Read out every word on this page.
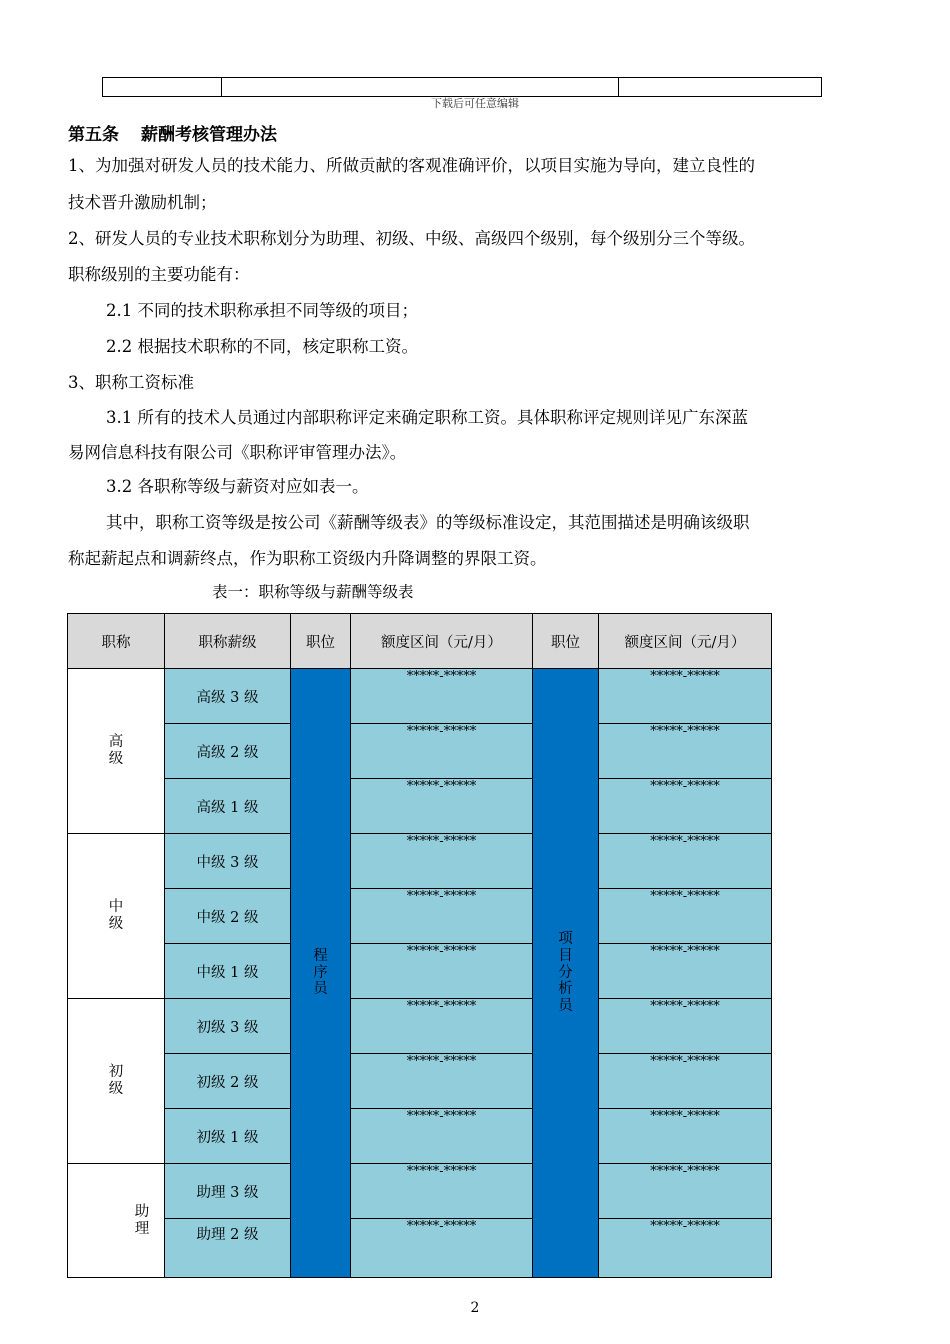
下载后可任意编辑
第五条 薪酬考核管理办法
1、为加强对研发人员的技术能力、所做贡献的客观准确评价，以项目实施为导向，建立良性的
技术晋升激励机制；
2、研发人员的专业技术职称划分为助理、初级、中级、高级四个级别，每个级别分三个等级。
职称级别的主要功能有：
2.1 不同的技术职称承担不同等级的项目；
2.2 根据技术职称的不同，核定职称工资。
3、职称工资标准
3.1 所有的技术人员通过内部职称评定来确定职称工资。具体职称评定规则详见广东深蓝
易网信息科技有限公司《职称评审管理办法》。
3.2 各职称等级与薪资对应如表一。
其中，职称工资等级是按公司《薪酬等级表》的等级标准设定，其范围描述是明确该级职
称起薪起点和调薪终点，作为职称工资级内升降调整的界限工资。
表一：职称等级与薪酬等级表
职称	职称薪级	职位	额度区间（元/月）	职位	额度区间（元/月）
高级	高级 3 级	程序员	*****-*****	项目分析员	*****-*****
	高级 2 级		*****-*****		*****-*****
	高级 1 级		*****-*****		*****-*****
中级	中级 3 级		*****-*****		*****-*****
	中级 2 级		*****-*****		*****-*****
	中级 1 级		*****-*****		*****-*****
初级	初级 3 级		*****-*****		*****-*****
	初级 2 级		*****-*****		*****-*****
	初级 1 级		*****-*****		*****-*****
助理	助理 3 级		*****-*****		*****-*****
	助理 2 级		*****-*****		*****-*****
2
